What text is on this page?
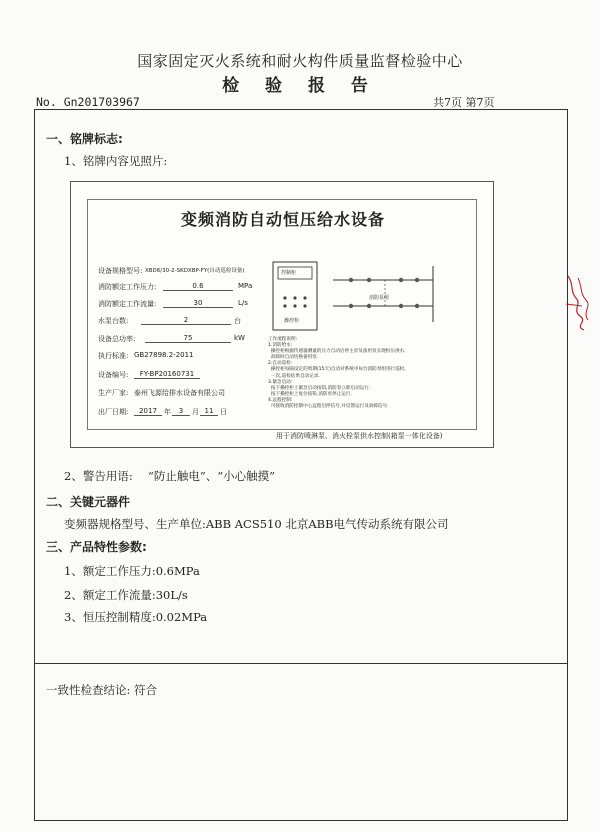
国家固定灭火系统和耐火构件质量监督检验中心
检 验 报 告
No. Gn201703967	共7页 第7页
一、铭牌标志:
1、铭牌内容见照片:
变频消防自动恒压给水设备
设备规格型号: XBD6/30-2-SKDXBP-FY(自动巡检设备)
消防额定工作压力:	0.6	MPa
消防额定工作流量:	30	L/s
水泵台数:	2	台
设备总功率:	75	kW
执行标准: GB27898.2-2011
设备编号:	FY-BP20160731
生产厂家: 泰州飞源给排水设备有限公司
出厂日期:	2017	年	3	月 11 日
控制柜
操控柜
消防泵组
工作流程说明:
1.消防给水:
操控柜根据传感器测量的压力自动启停主泵及备用泵实现恒压供水,
故障时自动切换备用泵.
2.自动巡检:
操控柜每隔设定的周期(15天)自动对系统中每台消防泵组进行巡检,
一次,巡检结果自动记录.
3.紧急启动:
按下操控柜上紧急启动按钮,消防泵立即启动运行.
按下操控柜上复位按钮,消防泵停止运行.
4.远程控制:
可接收消防控制中心远程启停信号,并反馈运行及故障信号.
用于消防喷淋泵、消火栓泵供水控制(箱泵一体化设备)
2、警告用语: “防止触电”、“小心触摸”
二、关键元器件
变频器规格型号、生产单位:ABB ACS510 北京ABB电气传动系统有限公司
三、产品特性参数:
1、额定工作压力:0.6MPa
2、额定工作流量:30L/s
3、恒压控制精度:0.02MPa
一致性检查结论: 符合
